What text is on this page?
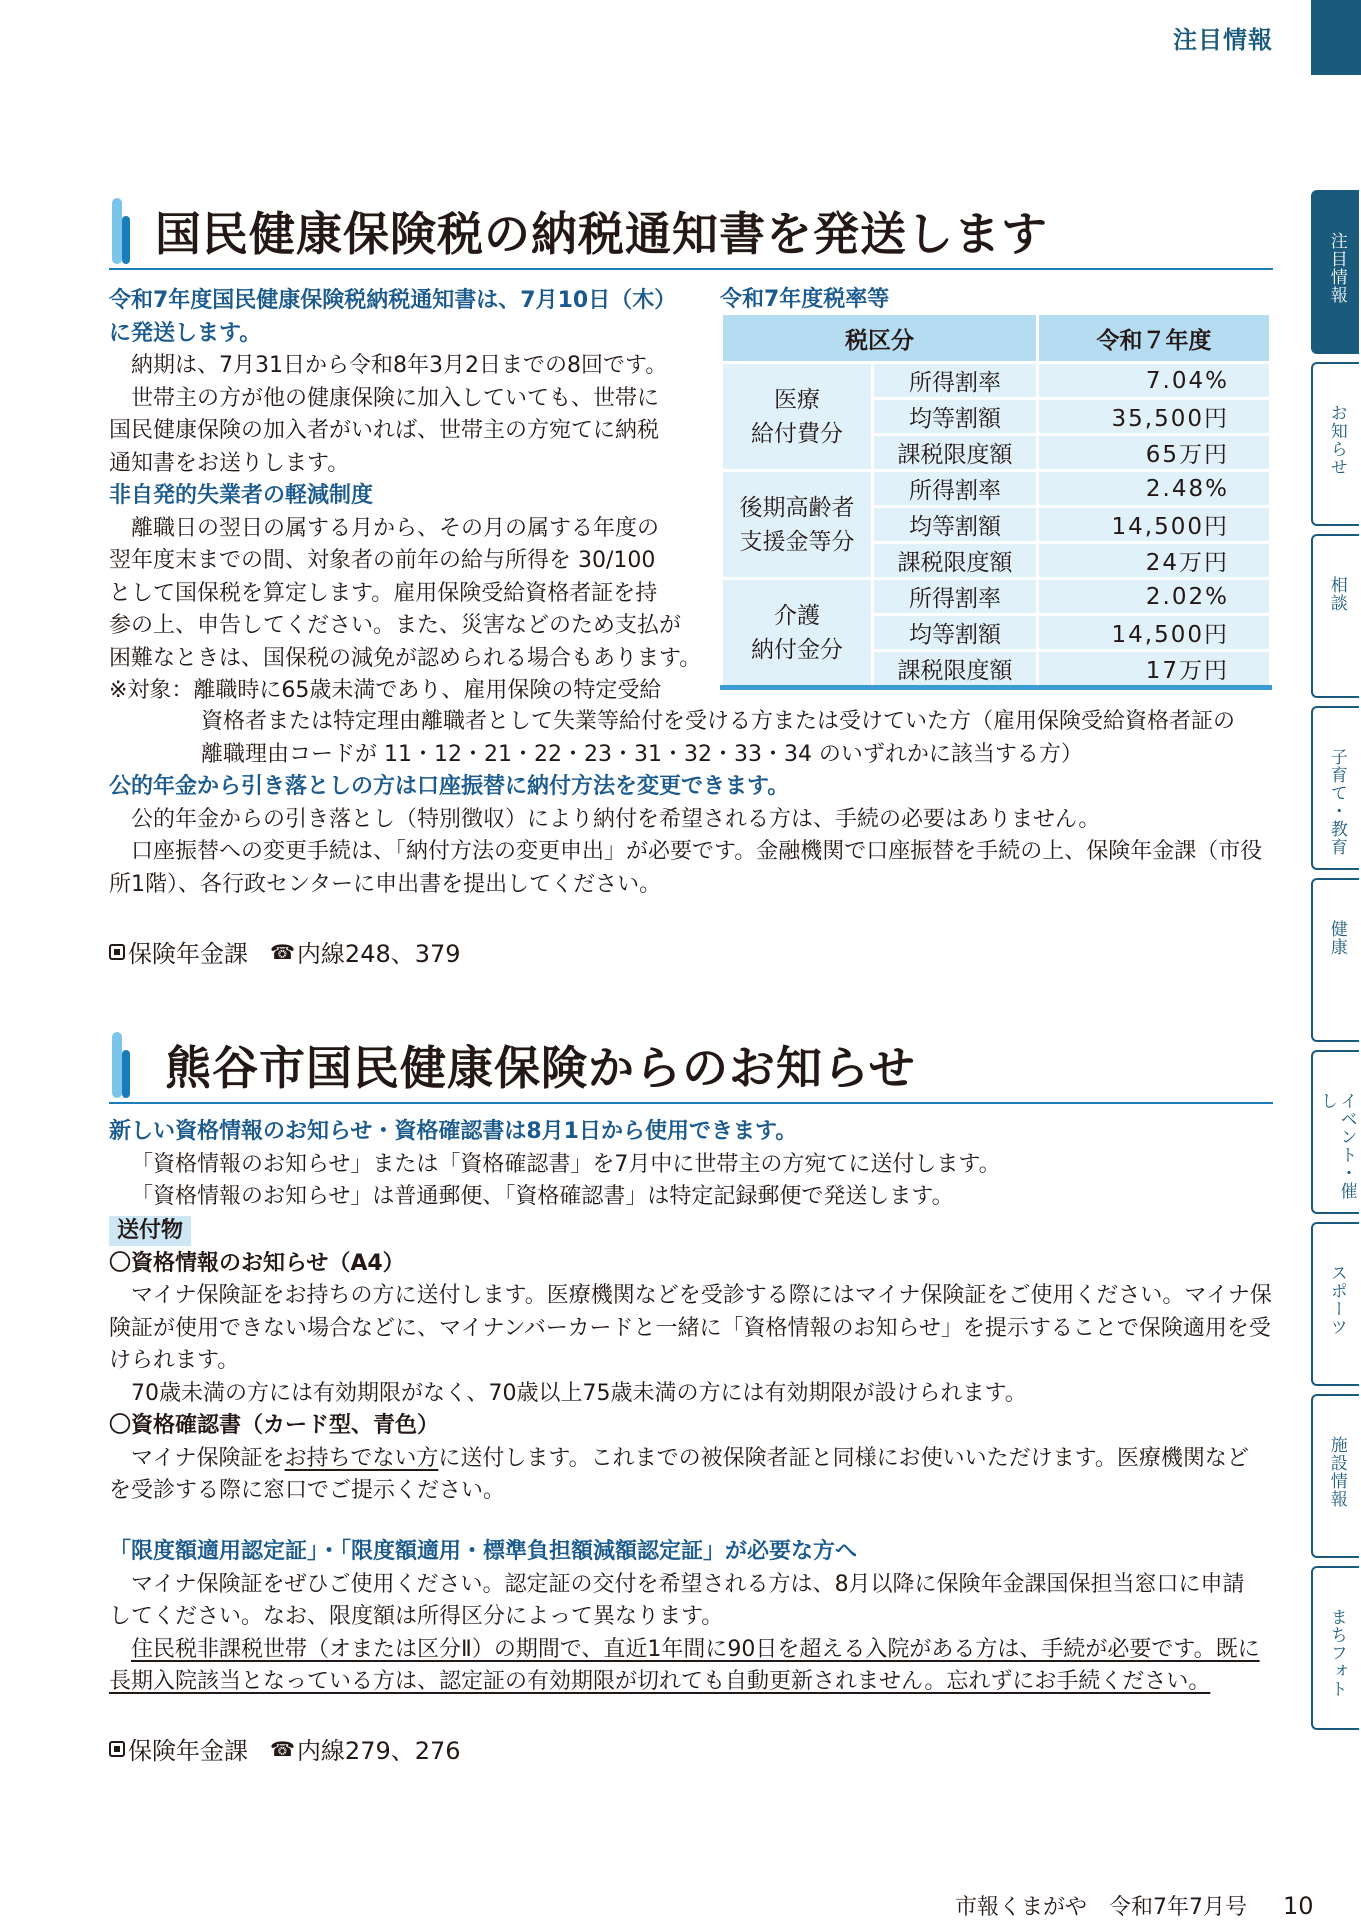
注目情報
注目情報
お知らせ
相談
子育て・教育
健康
イベント・催し
スポーツ
施設情報
まちフォト
国民健康保険税の納税通知書を発送します

令和7年度国民健康保険税納税通知書は、7月10日（木）

に発送します。

納期は、7月31日から令和8年3月2日までの8回です。

世帯主の方が他の健康保険に加入していても、世帯に

国民健康保険の加入者がいれば、世帯主の方宛てに納税

通知書をお送りします。

非自発的失業者の軽減制度

離職日の翌日の属する月から、その月の属する年度の

翌年度末までの間、対象者の前年の給与所得を 30/100

として国保税を算定します。雇用保険受給資格者証を持

参の上、申告してください。また、災害などのため支払が

困難なときは、国保税の減免が認められる場合もあります。

※対象：離職時に65歳未満であり、雇用保険の特定受給

資格者または特定理由離職者として失業等給付を受ける方または受けていた方（雇用保険受給資格者証の

離職理由コードが 11・12・21・22・23・31・32・33・34 のいずれかに該当する方）

公的年金から引き落としの方は口座振替に納付方法を変更できます。

公的年金からの引き落とし（特別徴収）により納付を希望される方は、手続の必要はありません。

口座振替への変更手続は、「納付方法の変更申出」が必要です。金融機関で口座振替を手続の上、保険年金課（市役

所1階）、各行政センターに申出書を提出してください。

保険年金課 ☎ 内線248、379
令和7年度税率等
税区分		令和７年度
医療
給付費分	所得割率	7.04%
	均等割額	35,500円
	課税限度額	65万円
後期高齢者
支援金等分	所得割率	2.48%
	均等割額	14,500円
	課税限度額	24万円
介護
納付金分	所得割率	2.02%
	均等割額	14,500円
	課税限度額	17万円
熊谷市国民健康保険からのお知らせ

新しい資格情報のお知らせ・資格確認書は8月1日から使用できます。

「資格情報のお知らせ」または「資格確認書」を7月中に世帯主の方宛てに送付します。

「資格情報のお知らせ」は普通郵便、「資格確認書」は特定記録郵便で発送します。

送付物

〇資格情報のお知らせ（A4）

マイナ保険証をお持ちの方に送付します。医療機関などを受診する際にはマイナ保険証をご使用ください。マイナ保

険証が使用できない場合などに、マイナンバーカードと一緒に「資格情報のお知らせ」を提示することで保険適用を受

けられます。

70歳未満の方には有効期限がなく、70歳以上75歳未満の方には有効期限が設けられます。

〇資格確認書（カード型、青色）

マイナ保険証をお持ちでない方に送付します。これまでの被保険者証と同様にお使いいただけます。医療機関など

を受診する際に窓口でご提示ください。

「限度額適用認定証」・「限度額適用・標準負担額減額認定証」が必要な方へ

マイナ保険証をぜひご使用ください。認定証の交付を希望される方は、8月以降に保険年金課国保担当窓口に申請

してください。なお、限度額は所得区分によって異なります。

住民税非課税世帯（オまたは区分Ⅱ）の期間で、直近1年間に90日を超える入院がある方は、手続が必要です。既に

長期入院該当となっている方は、認定証の有効期限が切れても自動更新されません。忘れずにお手続ください。

保険年金課 ☎ 内線279、276
市報くまがや　令和7年7月号 10
